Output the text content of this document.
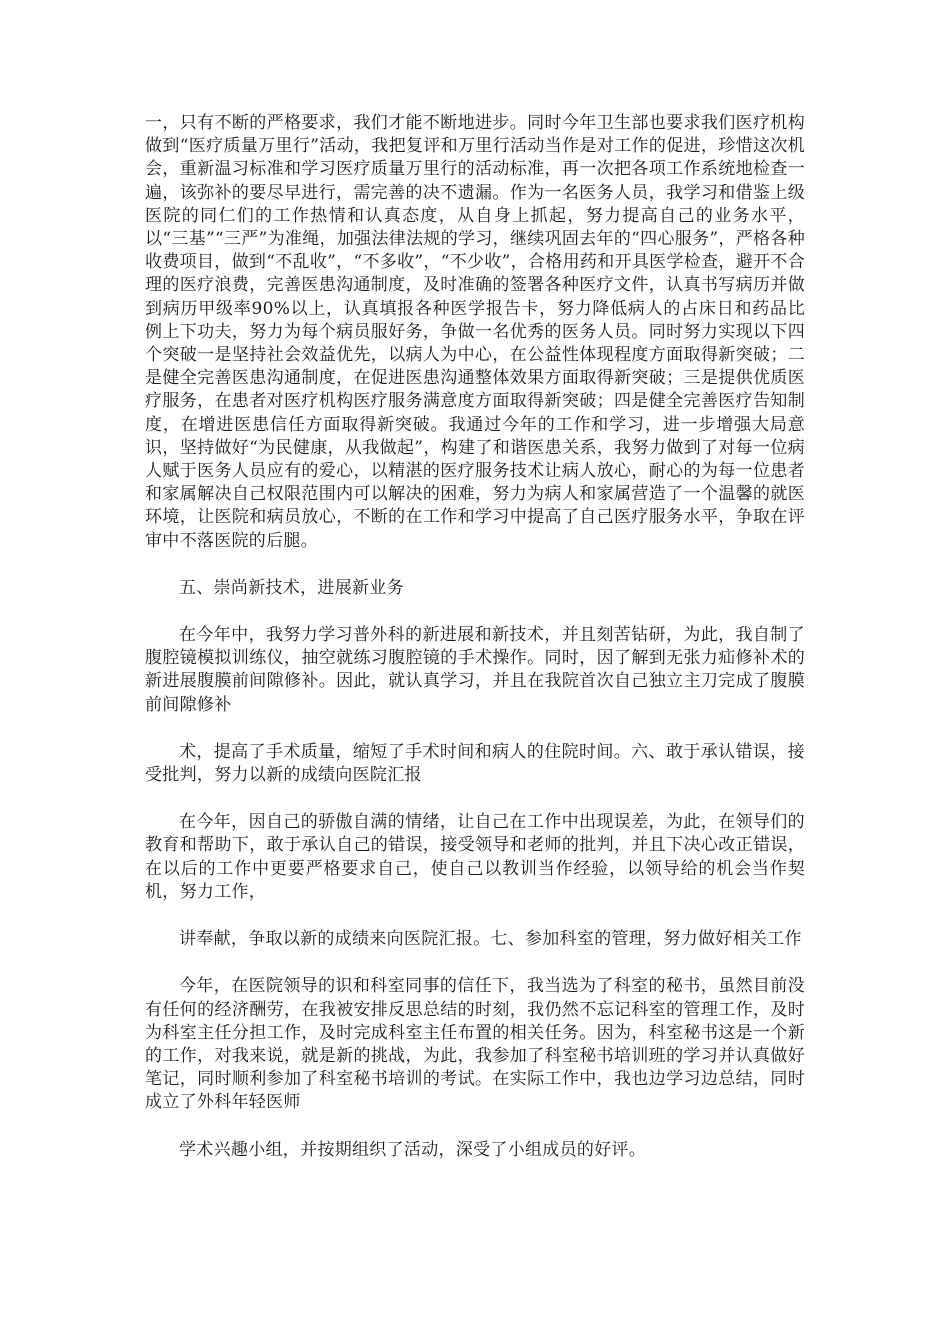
一，只有不断的严格要求，我们才能不断地进步。同时今年卫生部也要求我们医疗机构做到“医疗质量万里行”活动，我把复评和万里行活动当作是对工作的促进，珍惜这次机会，重新温习标准和学习医疗质量万里行的活动标准，再一次把各项工作系统地检查一遍，该弥补的要尽早进行，需完善的决不遗漏。作为一名医务人员，我学习和借鉴上级医院的同仁们的工作热情和认真态度，从自身上抓起，努力提高自己的业务水平，以“三基”“三严”为准绳，加强法律法规的学习，继续巩固去年的“四心服务”，严格各种收费项目，做到“不乱收”，“不多收”，“不少收”，合格用药和开具医学检查，避开不合理的医疗浪费，完善医患沟通制度，及时准确的签署各种医疗文件，认真书写病历并做到病历甲级率90%以上，认真填报各种医学报告卡，努力降低病人的占床日和药品比例上下功夫，努力为每个病员服好务，争做一名优秀的医务人员。同时努力实现以下四个突破一是坚持社会效益优先，以病人为中心，在公益性体现程度方面取得新突破；二是健全完善医患沟通制度，在促进医患沟通整体效果方面取得新突破；三是提供优质医疗服务，在患者对医疗机构医疗服务满意度方面取得新突破；四是健全完善医疗告知制度，在增进医患信任方面取得新突破。我通过今年的工作和学习，进一步增强大局意识，坚持做好“为民健康，从我做起”，构建了和谐医患关系，我努力做到了对每一位病人赋于医务人员应有的爱心，以精湛的医疗服务技术让病人放心，耐心的为每一位患者和家属解决自己权限范围内可以解决的困难，努力为病人和家属营造了一个温馨的就医环境，让医院和病员放心，不断的在工作和学习中提高了自己医疗服务水平，争取在评审中不落医院的后腿。

五、崇尚新技术，进展新业务

在今年中，我努力学习普外科的新进展和新技术，并且刻苦钻研，为此，我自制了腹腔镜模拟训练仪，抽空就练习腹腔镜的手术操作。同时，因了解到无张力疝修补术的新进展腹膜前间隙修补。因此，就认真学习，并且在我院首次自己独立主刀完成了腹膜前间隙修补

术，提高了手术质量，缩短了手术时间和病人的住院时间。六、敢于承认错误，接受批判，努力以新的成绩向医院汇报

在今年，因自己的骄傲自满的情绪，让自己在工作中出现误差，为此，在领导们的教育和帮助下，敢于承认自己的错误，接受领导和老师的批判，并且下决心改正错误，在以后的工作中更要严格要求自己，使自己以教训当作经验，以领导给的机会当作契机，努力工作，

讲奉献，争取以新的成绩来向医院汇报。七、参加科室的管理，努力做好相关工作

今年，在医院领导的识和科室同事的信任下，我当选为了科室的秘书，虽然目前没有任何的经济酬劳，在我被安排反思总结的时刻，我仍然不忘记科室的管理工作，及时为科室主任分担工作，及时完成科室主任布置的相关任务。因为，科室秘书这是一个新的工作，对我来说，就是新的挑战，为此，我参加了科室秘书培训班的学习并认真做好笔记，同时顺利参加了科室秘书培训的考试。在实际工作中，我也边学习边总结，同时成立了外科年轻医师

学术兴趣小组，并按期组织了活动，深受了小组成员的好评。
